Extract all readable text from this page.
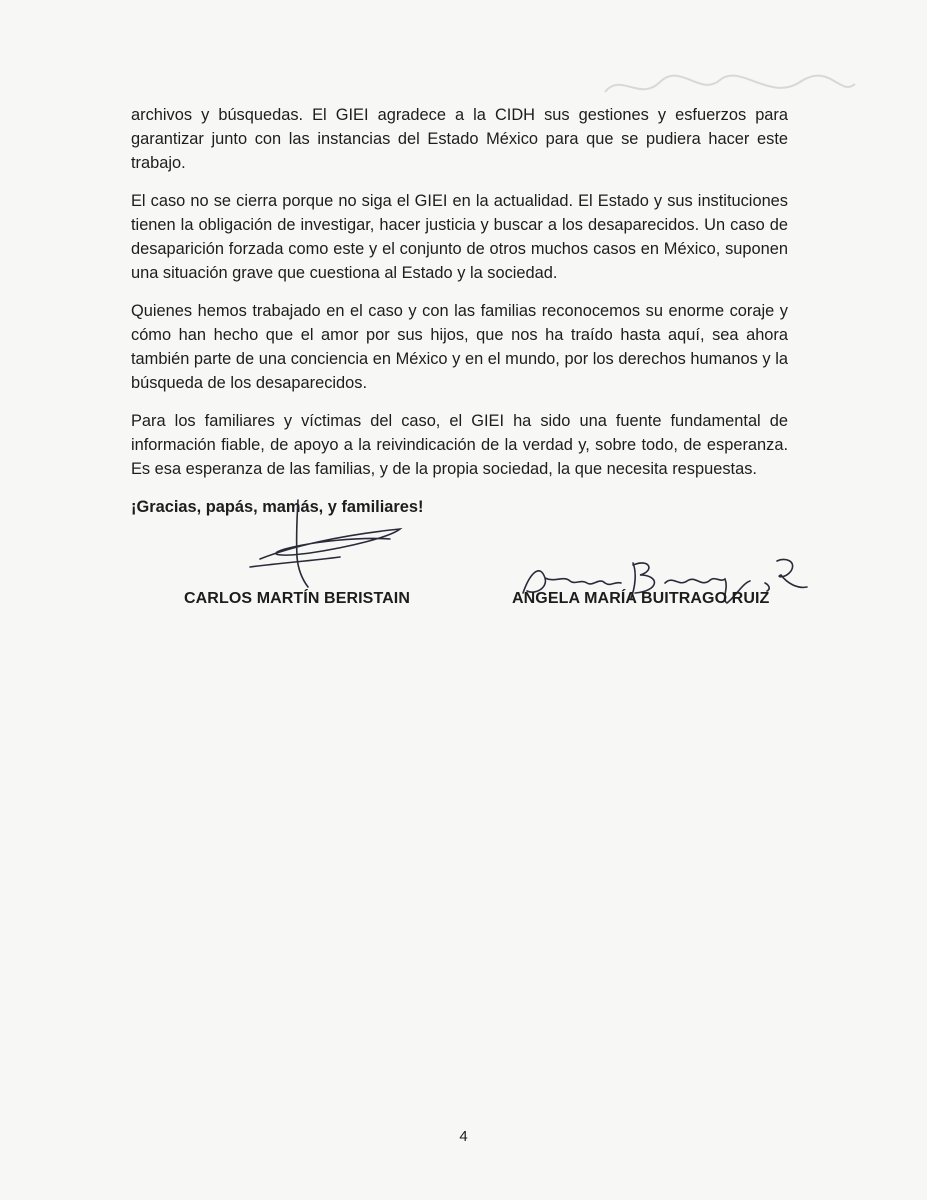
archivos y búsquedas. El GIEI agradece a la CIDH sus gestiones y esfuerzos para garantizar junto con las instancias del Estado México para que se pudiera hacer este trabajo.

El caso no se cierra porque no siga el GIEI en la actualidad. El Estado y sus instituciones tienen la obligación de investigar, hacer justicia y buscar a los desaparecidos. Un caso de desaparición forzada como este y el conjunto de otros muchos casos en México, suponen una situación grave que cuestiona al Estado y la sociedad.

Quienes hemos trabajado en el caso y con las familias reconocemos su enorme coraje y cómo han hecho que el amor por sus hijos, que nos ha traído hasta aquí, sea ahora también parte de una conciencia en México y en el mundo, por los derechos humanos y la búsqueda de los desaparecidos.

Para los familiares y víctimas del caso, el GIEI ha sido una fuente fundamental de información fiable, de apoyo a la reivindicación de la verdad y, sobre todo, de esperanza. Es esa esperanza de las familias, y de la propia sociedad, la que necesita respuestas.

¡Gracias, papás, mamás, y familiares!

CARLOS MARTÍN BERISTAIN	ANGELA MARÍA BUITRAGO RUIZ
4
